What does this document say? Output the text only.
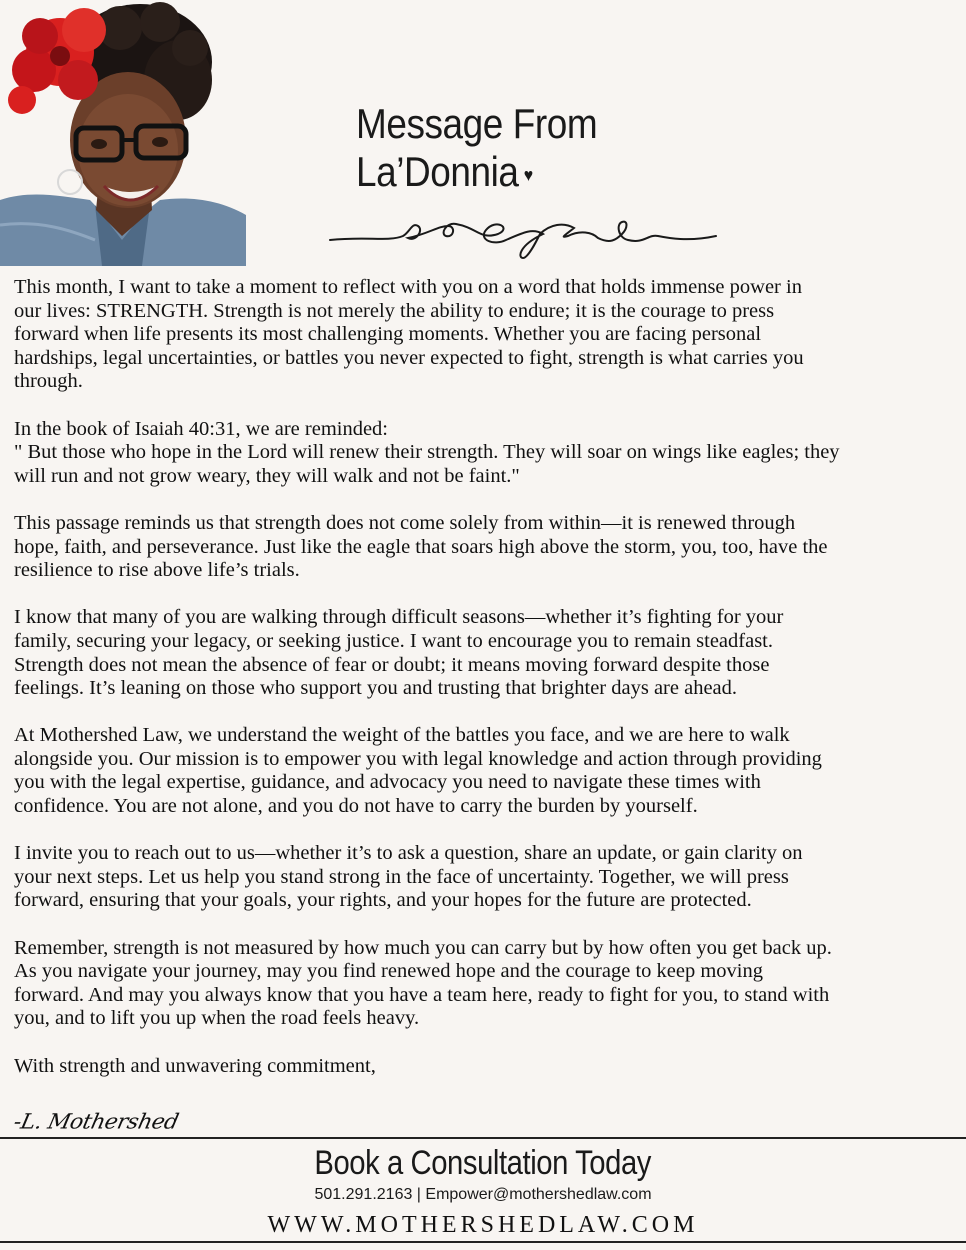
Message From
La’Donnia ♥

This month, I want to take a moment to reflect with you on a word that holds immense power in
our lives: STRENGTH. Strength is not merely the ability to endure; it is the courage to press
forward when life presents its most challenging moments. Whether you are facing personal
hardships, legal uncertainties, or battles you never expected to fight, strength is what carries you
through.

In the book of Isaiah 40:31, we are reminded:
" But those who hope in the Lord will renew their strength. They will soar on wings like eagles; they
will run and not grow weary, they will walk and not be faint."

This passage reminds us that strength does not come solely from within—it is renewed through
hope, faith, and perseverance. Just like the eagle that soars high above the storm, you, too, have the
resilience to rise above life’s trials.

I know that many of you are walking through difficult seasons—whether it’s fighting for your
family, securing your legacy, or seeking justice. I want to encourage you to remain steadfast.
Strength does not mean the absence of fear or doubt; it means moving forward despite those
feelings. It’s leaning on those who support you and trusting that brighter days are ahead.

At Mothershed Law, we understand the weight of the battles you face, and we are here to walk
alongside you. Our mission is to empower you with legal knowledge and action through providing
you with the legal expertise, guidance, and advocacy you need to navigate these times with
confidence. You are not alone, and you do not have to carry the burden by yourself.

I invite you to reach out to us—whether it’s to ask a question, share an update, or gain clarity on
your next steps. Let us help you stand strong in the face of uncertainty. Together, we will press
forward, ensuring that your goals, your rights, and your hopes for the future are protected.

Remember, strength is not measured by how much you can carry but by how often you get back up.
As you navigate your journey, may you find renewed hope and the courage to keep moving
forward. And may you always know that you have a team here, ready to fight for you, to stand with
you, and to lift you up when the road feels heavy.

With strength and unwavering commitment,

-L. Mothershed
Book a Consultation Today
501.291.2163 | Empower@mothershedlaw.com
WWW.MOTHERSHEDLAW.COM
